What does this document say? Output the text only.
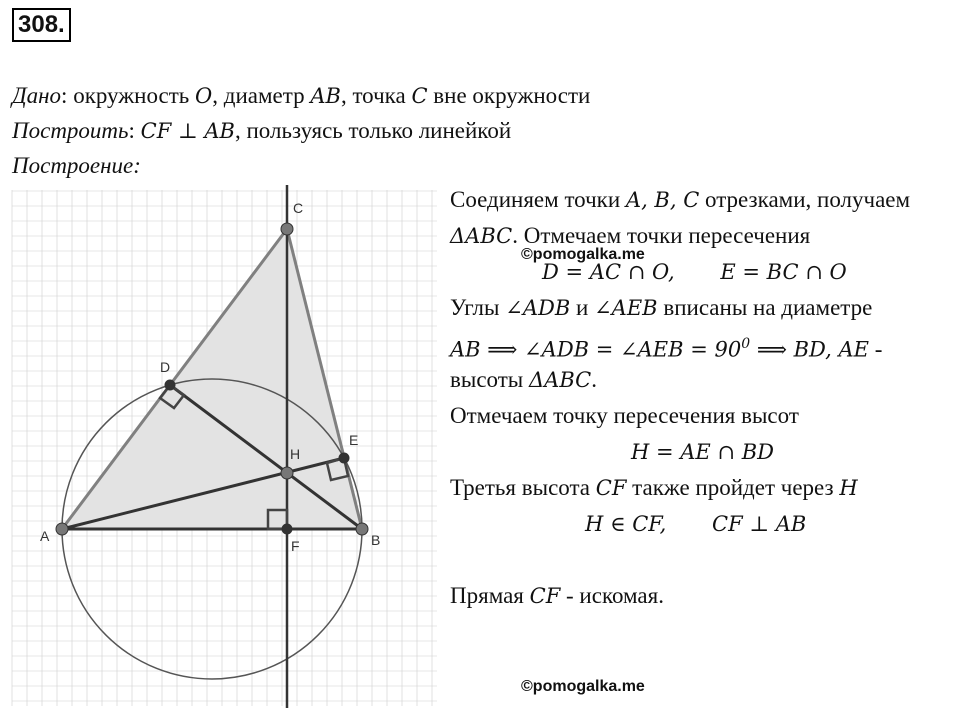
308.
Дано: окружность O, диаметр AB, точка C вне окружности
Построить: CF ⊥ AB, пользуясь только линейкой
Построение:
A	B
C
D
E
H
F
Соединяем точки A, B, C отрезками, получаем
ΔABC. Отмечаем точки пересечения
D = AC ∩ O, E = BC ∩ O
Углы ∠ADB и ∠AEB вписаны на диаметре
AB ⟹ ∠ADB = ∠AEB = $90^0$ ⟹ BD, AE -
высоты ΔABC.
Отмечаем точку пересечения высот
H = AE ∩ BD
Третья высота CF также пройдет через H
H ∈ CF, CF ⊥ AB
Прямая CF - искомая.
©pomogalka.me
©pomogalka.me
